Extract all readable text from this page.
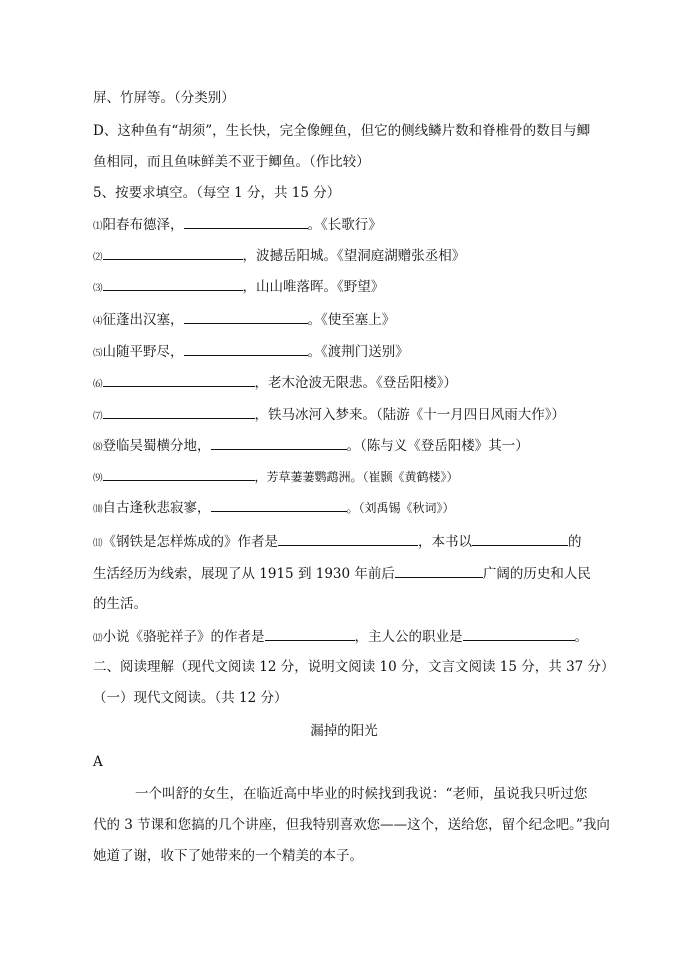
屏、竹屏等。（分类别）
D、这种鱼有“胡须”，生长快，完全像鲤鱼，但它的侧线鳞片数和脊椎骨的数目与鲫
鱼相同，而且鱼味鲜美不亚于鲫鱼。（作比较）
5、按要求填空。（每空 1 分，共 15 分）
⑴阳春布德泽，	。《长歌行》
⑵	，波撼岳阳城。《望洞庭湖赠张丞相》
⑶	，山山唯落晖。《野望》
⑷征蓬出汉塞，	。《使至塞上》
⑸山随平野尽，	。《渡荆门送别》
⑹	，老木沧波无限悲。《登岳阳楼》）
⑺	，铁马冰河入梦来。（陆游《十一月四日风雨大作》）
⑻登临吴蜀横分地，	。（陈与义《登岳阳楼》其一）
⑼	，芳草萋萋鹦鹉洲。（崔颢《黄鹤楼》）
⑽自古逢秋悲寂寥，	。（刘禹锡《秋词》）
⑾《钢铁是怎样炼成的》作者是	，本书以	的
生活经历为线索，展现了从 1915 到 1930 年前后	广阔的历史和人民
的生活。
⑿小说《骆驼祥子》的作者是	，主人公的职业是	。
二、阅读理解（现代文阅读 12 分，说明文阅读 10 分，文言文阅读 15 分，共 37 分）
（一）现代文阅读。（共 12 分）
漏掉的阳光
A
一个叫舒的女生，在临近高中毕业的时候找到我说：“老师，虽说我只听过您
代的 3 节课和您搞的几个讲座，但我特别喜欢您——这个，送给您，留个纪念吧。”我向
她道了谢，收下了她带来的一个精美的本子。
